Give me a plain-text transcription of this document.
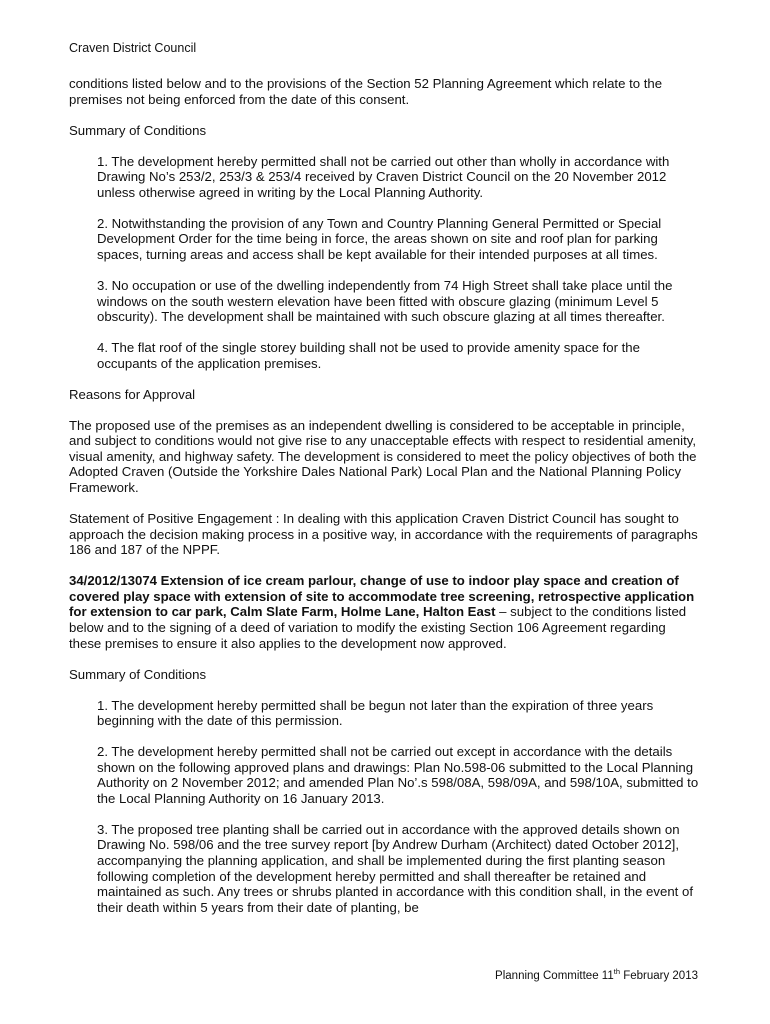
Craven District Council

conditions listed below and to the provisions of the Section 52 Planning Agreement which relate to the premises not being enforced from the date of this consent.

Summary of Conditions

1. The development hereby permitted shall not be carried out other than wholly in accordance with Drawing No’s 253/2, 253/3 & 253/4 received by Craven District Council on the 20 November 2012 unless otherwise agreed in writing by the Local Planning Authority.

2. Notwithstanding the provision of any Town and Country Planning General Permitted or Special Development Order for the time being in force, the areas shown on site and roof plan for parking spaces, turning areas and access shall be kept available for their intended purposes at all times.

3. No occupation or use of the dwelling independently from 74 High Street shall take place until the windows on the south western elevation have been fitted with obscure glazing (minimum Level 5 obscurity). The development shall be maintained with such obscure glazing at all times thereafter.

4. The flat roof of the single storey building shall not be used to provide amenity space for the occupants of the application premises.

Reasons for Approval

The proposed use of the premises as an independent dwelling is considered to be acceptable in principle, and subject to conditions would not give rise to any unacceptable effects with respect to residential amenity, visual amenity, and highway safety. The development is considered to meet the policy objectives of both the Adopted Craven (Outside the Yorkshire Dales National Park) Local Plan and the National Planning Policy Framework.

Statement of Positive Engagement : In dealing with this application Craven District Council has sought to approach the decision making process in a positive way, in accordance with the requirements of paragraphs 186 and 187 of the NPPF.

34/2012/13074 Extension of ice cream parlour, change of use to indoor play space and creation of covered play space with extension of site to accommodate tree screening, retrospective application for extension to car park, Calm Slate Farm, Holme Lane, Halton East – subject to the conditions listed below and to the signing of a deed of variation to modify the existing Section 106 Agreement regarding these premises to ensure it also applies to the development now approved.

Summary of Conditions

1. The development hereby permitted shall be begun not later than the expiration of three years beginning with the date of this permission.

2. The development hereby permitted shall not be carried out except in accordance with the details shown on the following approved plans and drawings: Plan No.598-06 submitted to the Local Planning Authority on 2 November 2012; and amended Plan No’.s 598/08A, 598/09A, and 598/10A, submitted to the Local Planning Authority on 16 January 2013.

3. The proposed tree planting shall be carried out in accordance with the approved details shown on Drawing No. 598/06 and the tree survey report [by Andrew Durham (Architect) dated October 2012], accompanying the planning application, and shall be implemented during the first planting season following completion of the development hereby permitted and shall thereafter be retained and maintained as such. Any trees or shrubs planted in accordance with this condition shall, in the event of their death within 5 years from their date of planting, be

Planning Committee 11th February 2013
